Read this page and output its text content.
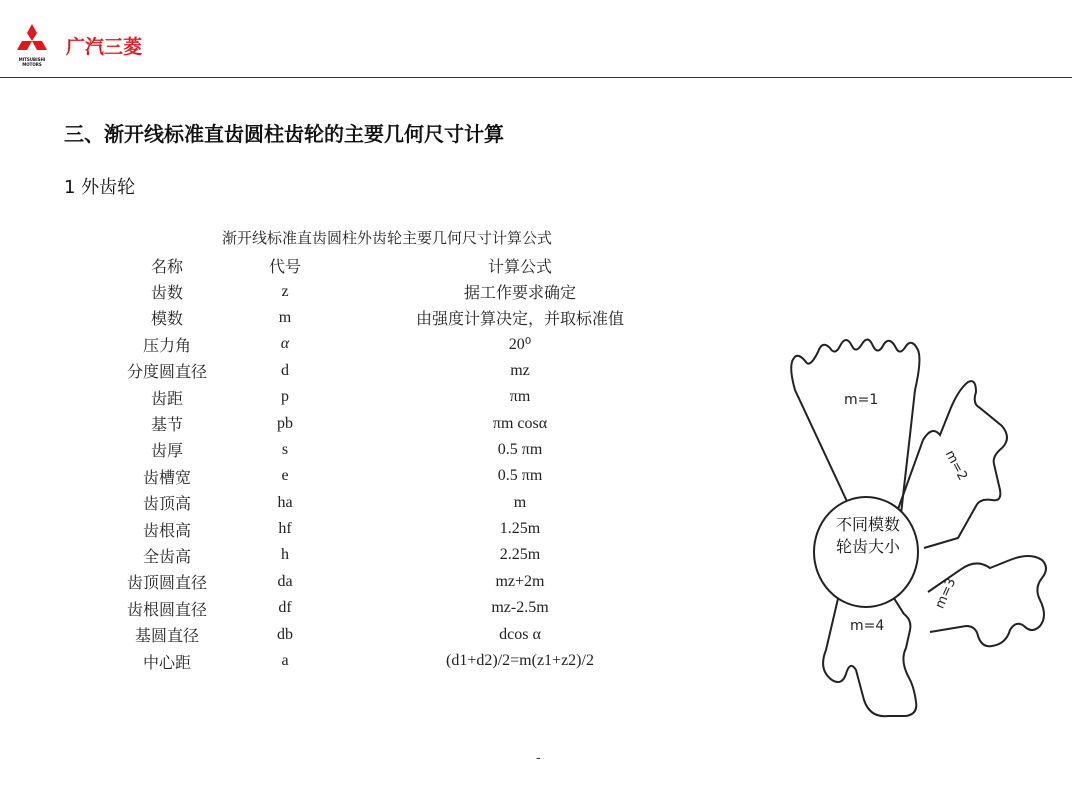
MITSUBISHI
MOTORS
广汽三菱
三、渐开线标准直齿圆柱齿轮的主要几何尺寸计算
1 外齿轮
渐开线标准直齿圆柱外齿轮主要几何尺寸计算公式
名称	代号	计算公式
齿数	z	据工作要求确定
模数	m	由强度计算决定，并取标准值
压力角	α	20⁰
分度圆直径	d	mz
齿距	p	πm
基节	pb	πm cosα
齿厚	s	0.5 πm
齿槽宽	e	0.5 πm
齿顶高	ha	m
齿根高	hf	1.25m
全齿高	h	2.25m
齿顶圆直径	da	mz+2m
齿根圆直径	df	mz-2.5m
基圆直径	db	dcos α
中心距	a	(d1+d2)/2=m(z1+z2)/2
m=1
m=2
m=3
m=4
不同模数
轮齿大小
-
